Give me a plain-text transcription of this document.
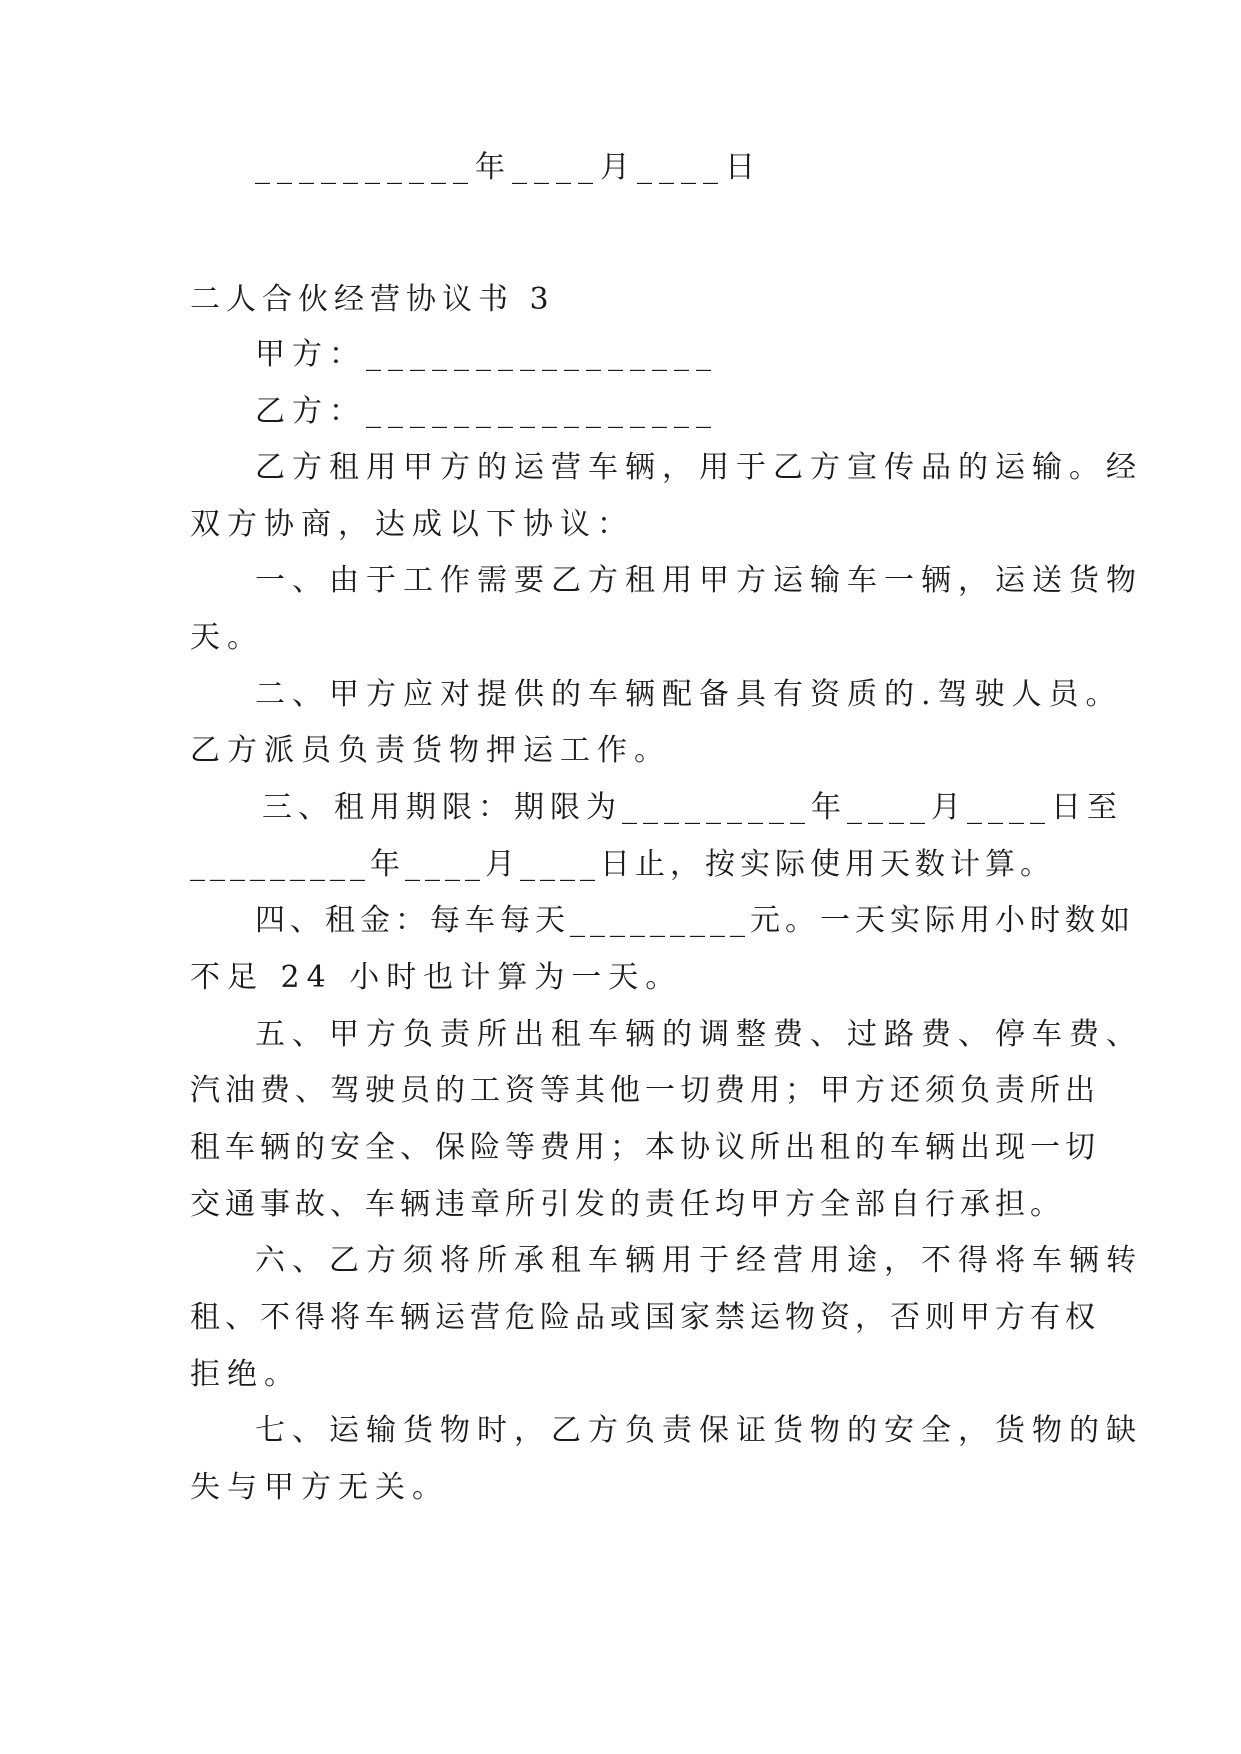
__________年____月____日
二人合伙经营协议书 3
甲方：________________
乙方：________________
乙方租用甲方的运营车辆，用于乙方宣传品的运输。经
双方协商，达成以下协议：
一、由于工作需要乙方租用甲方运输车一辆，运送货物
天。
二、甲方应对提供的车辆配备具有资质的.驾驶人员。
乙方派员负责货物押运工作。
三、租用期限：期限为_________年____月____日至
_________年____月____日止，按实际使用天数计算。
四、租金：每车每天_________元。一天实际用小时数如
不足 24 小时也计算为一天。
五、甲方负责所出租车辆的调整费、过路费、停车费、
汽油费、驾驶员的工资等其他一切费用；甲方还须负责所出
租车辆的安全、保险等费用；本协议所出租的车辆出现一切
交通事故、车辆违章所引发的责任均甲方全部自行承担。
六、乙方须将所承租车辆用于经营用途，不得将车辆转
租、不得将车辆运营危险品或国家禁运物资，否则甲方有权
拒绝。
七、运输货物时，乙方负责保证货物的安全，货物的缺
失与甲方无关。
